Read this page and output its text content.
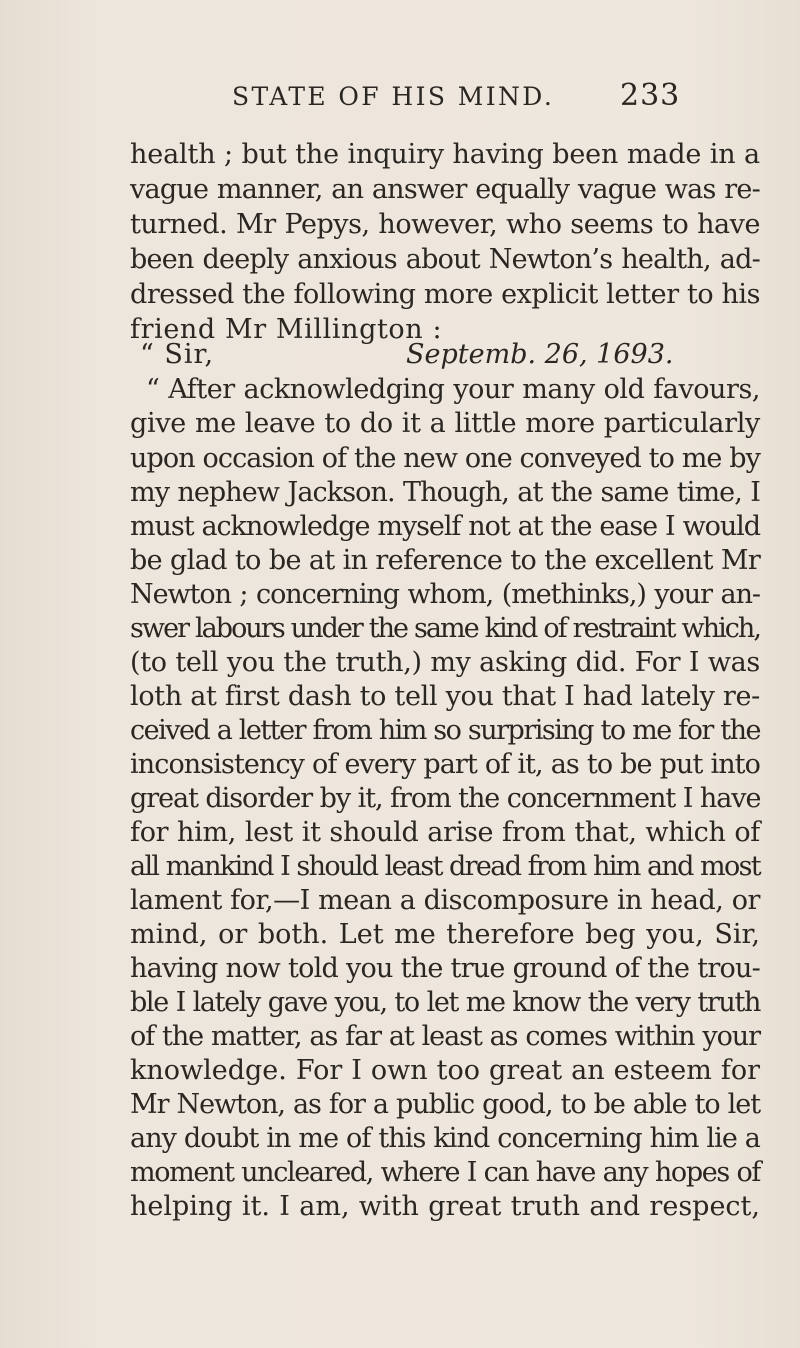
STATE OF HIS MIND. 233
health ; but the inquiry having been made in a
vague manner, an answer equally vague was re-
turned. Mr Pepys, however, who seems to have
been deeply anxious about Newton’s health, ad-
dressed the following more explicit letter to his
friend Mr Millington :
“ Sir,	Septemb. 26, 1693.
“ After acknowledging your many old favours,
give me leave to do it a little more particularly
upon occasion of the new one conveyed to me by
my nephew Jackson. Though, at the same time, I
must acknowledge myself not at the ease I would
be glad to be at in reference to the excellent Mr
Newton ; concerning whom, (methinks,) your an-
swer labours under the same kind of restraint which,
(to tell you the truth,) my asking did. For I was
loth at first dash to tell you that I had lately re-
ceived a letter from him so surprising to me for the
inconsistency of every part of it, as to be put into
great disorder by it, from the concernment I have
for him, lest it should arise from that, which of
all mankind I should least dread from him and most
lament for,—I mean a discomposure in head, or
mind, or both. Let me therefore beg you, Sir,
having now told you the true ground of the trou-
ble I lately gave you, to let me know the very truth
of the matter, as far at least as comes within your
knowledge. For I own too great an esteem for
Mr Newton, as for a public good, to be able to let
any doubt in me of this kind concerning him lie a
moment uncleared, where I can have any hopes of
helping it. I am, with great truth and respect,
